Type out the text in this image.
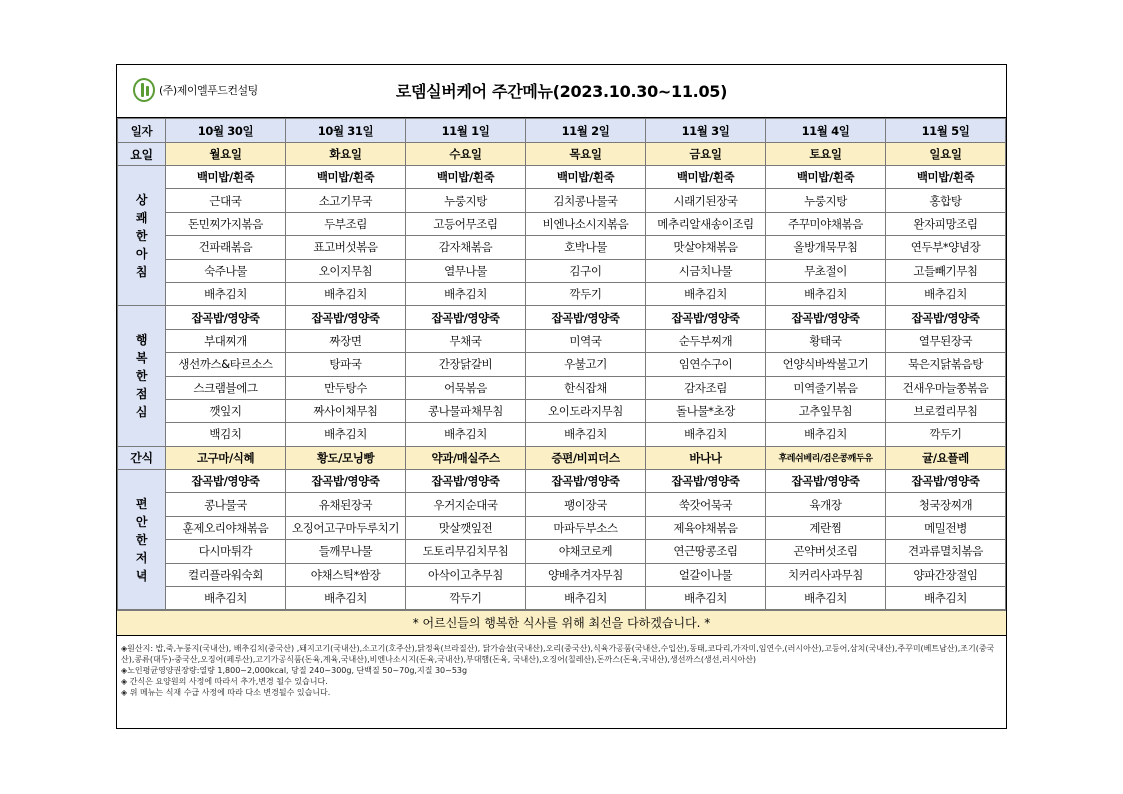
(주)제이엘푸드컨설팅	로뎀실버케어 주간메뉴(2023.10.30~11.05)
일자	10월 30일	10월 31일	11월 1일	11월 2일	11월 3일	11월 4일	11월 5일
요일	월요일	화요일	수요일	목요일	금요일	토요일	일요일
상쾌한아침	백미밥/흰죽	백미밥/흰죽	백미밥/흰죽	백미밥/흰죽	백미밥/흰죽	백미밥/흰죽	백미밥/흰죽
	근대국	소고기무국	누룽지탕	김치콩나물국	시래기된장국	누룽지탕	홍합탕
	돈민찌가지볶음	두부조림	고등어무조림	비엔나소시지볶음	메추리알새송이조림	주꾸미야채볶음	완자피망조림
	건파래볶음	표고버섯볶음	감자채볶음	호박나물	맛살야채볶음	올방개묵무침	연두부*양념장
	숙주나물	오이지무침	열무나물	김구이	시금치나물	무초절이	고들빼기무침
	배추김치	배추김치	배추김치	깍두기	배추김치	배추김치	배추김치
행복한점심	잡곡밥/영양죽	잡곡밥/영양죽	잡곡밥/영양죽	잡곡밥/영양죽	잡곡밥/영양죽	잡곡밥/영양죽	잡곡밥/영양죽
	부대찌개	짜장면	무채국	미역국	순두부찌개	황태국	열무된장국
	생선까스&타르소스	탕파국	간장닭갈비	우불고기	임연수구이	언양식바싹불고기	묵은지닭볶음탕
	스크램블에그	만두탕수	어묵볶음	한식잡채	감자조림	미역줄기볶음	건새우마늘쫑볶음
	깻잎지	짜사이채무침	콩나물파채무침	오이도라지무침	돌나물*초장	고추잎무침	브로컬리무침
	백김치	배추김치	배추김치	배추김치	배추김치	배추김치	깍두기
간식	고구마/식혜	황도/모닝빵	약과/매실주스	증편/비피더스	바나나	후레쉬베리/검은콩깨두유	귤/요플레
편안한저녁	잡곡밥/영양죽	잡곡밥/영양죽	잡곡밥/영양죽	잡곡밥/영양죽	잡곡밥/영양죽	잡곡밥/영양죽	잡곡밥/영양죽
	콩나물국	유채된장국	우거지순대국	팽이장국	쑥갓어묵국	육개장	청국장찌개
	훈제오리야채볶음	오징어고구마두루치기	맛살깻잎전	마파두부소스	제육야채볶음	계란찜	메밀전병
	다시마튀각	들깨무나물	도토리무김치무침	야채코로케	연근땅콩조림	곤약버섯조림	견과류멸치볶음
	컬리플라워숙회	야채스틱*쌈장	아삭이고추무침	양배추겨자무침	얼갈이나물	치커리사과무침	양파간장절임
	배추김치	배추김치	깍두기	배추김치	배추김치	배추김치	배추김치
* 어르신들의 행복한 식사를 위해 최선을 다하겠습니다. *
◈원산지: 밥,죽,누룽지(국내산), 배추김치(중국산) ,돼지고기(국내산),소고기(호주산),닭정육(브라질산), 닭가슴살(국내산),오리(중국산),식육가공품(국내산,수입산),동태,코다리,가자미,임연수,(러시아산),고등어,삼치(국내산),주꾸미(베트남산),조기(중국산),콩류(대두)-중국산,오징어(페루산),고기가공식품(돈육,계육,국내산),비엔나소시지(돈육,국내산),부대햄(돈육, 국내산),오징어(칠레산),돈까스(돈육,국내산),생선까스(생선,러시아산)
◈노인평균영양권장량:열량 1,800~2,000kcal, 당질 240~300g, 단백질 50~70g,지질 30~53g
◈ 간식은 요양원의 사정에 따라서 추가,변경 될수 있습니다.
◈ 위 메뉴는 식재 수급 사정에 따라 다소 변경될수 있습니다.
